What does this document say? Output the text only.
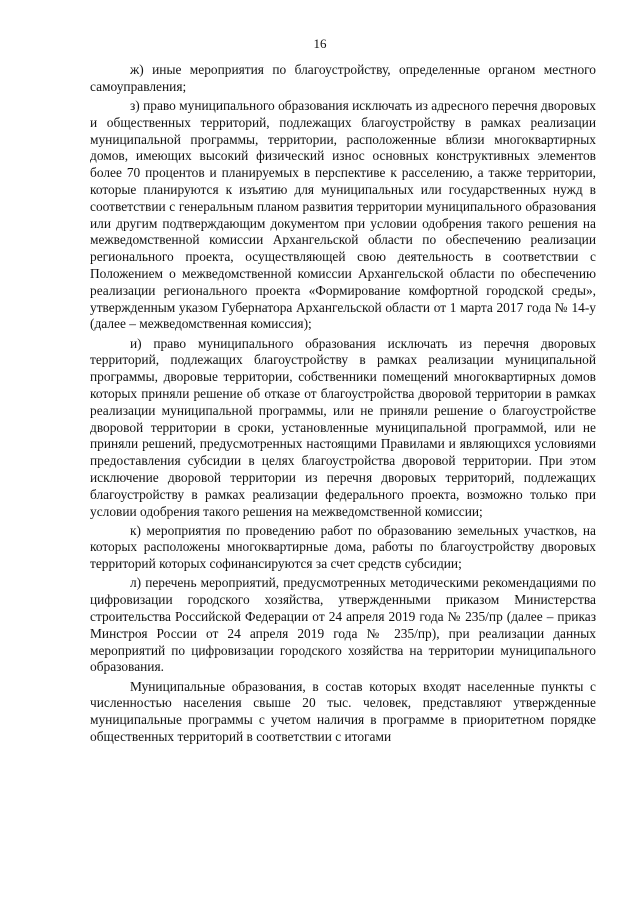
16

ж) иные мероприятия по благоустройству, определенные органом местного самоуправления;

з) право муниципального образования исключать из адресного перечня дворовых и общественных территорий, подлежащих благоустройству в рамках реализации муниципальной программы, территории, расположенные вблизи многоквартирных домов, имеющих высокий физический износ основных конструктивных элементов более 70 процентов и планируемых в перспективе к расселению, а также территории, которые планируются к изъятию для муниципальных или государственных нужд в соответствии с генеральным планом развития территории муниципального образования или другим подтверждающим документом при условии одобрения такого решения на межведомственной комиссии Архангельской области по обеспечению реализации регионального проекта, осуществляющей свою деятельность в соответствии с Положением о межведомственной комиссии Архангельской области по обеспечению реализации регионального проекта «Формирование комфортной городской среды», утвержденным указом Губернатора Архангельской области от 1 марта 2017 года № 14-у (далее – межведомственная комиссия);

и) право муниципального образования исключать из перечня дворовых территорий, подлежащих благоустройству в рамках реализации муниципальной программы, дворовые территории, собственники помещений многоквартирных домов которых приняли решение об отказе от благоустройства дворовой территории в рамках реализации муниципальной программы, или не приняли решение о благоустройстве дворовой территории в сроки, установленные муниципальной программой, или не приняли решений, предусмотренных настоящими Правилами и являющихся условиями предоставления субсидии в целях благоустройства дворовой территории. При этом исключение дворовой территории из перечня дворовых территорий, подлежащих благоустройству в рамках реализации федерального проекта, возможно только при условии одобрения такого решения на межведомственной комиссии;

к) мероприятия по проведению работ по образованию земельных участков, на которых расположены многоквартирные дома, работы по благоустройству дворовых территорий которых софинансируются за счет средств субсидии;

л) перечень мероприятий, предусмотренных методическими рекомендациями по цифровизации городского хозяйства, утвержденными приказом Министерства строительства Российской Федерации от 24 апреля 2019 года № 235/пр (далее – приказ Минстроя России от 24 апреля 2019 года № 235/пр), при реализации данных мероприятий по цифровизации городского хозяйства на территории муниципального образования.

Муниципальные образования, в состав которых входят населенные пункты с численностью населения свыше 20 тыс. человек, представляют утвержденные муниципальные программы с учетом наличия в программе в приоритетном порядке общественных территорий в соответствии с итогами
